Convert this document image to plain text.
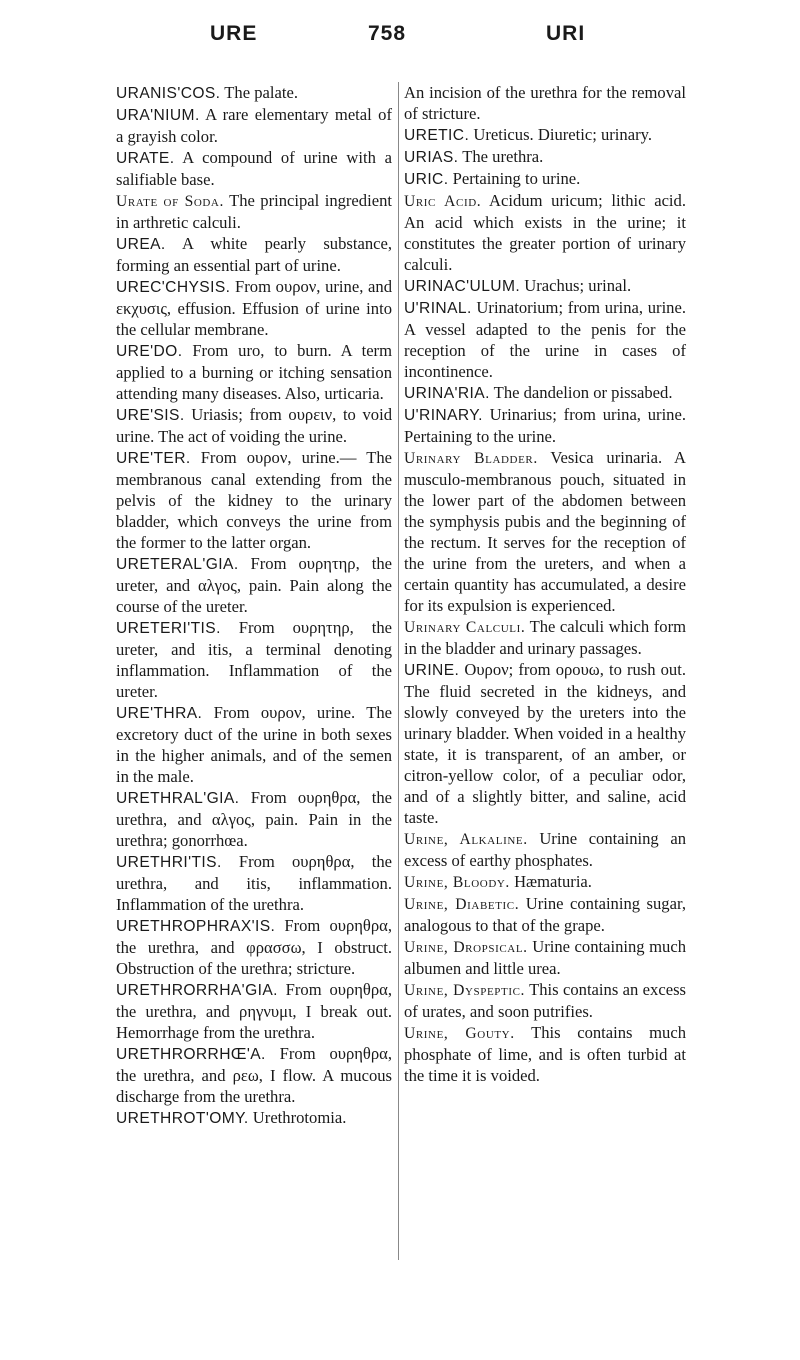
URE	758	URI
URANIS'COS. The palate.
URA'NIUM. A rare elementary metal of a grayish color.
URATE. A compound of urine with a salifiable base.
Urate of Soda. The principal ingredient in arthretic calculi.
UREA. A white pearly substance, forming an essential part of urine.
UREC'CHYSIS. From ουρον, urine, and εκχυσις, effusion. Effusion of urine into the cellular membrane.
URE'DO. From uro, to burn. A term applied to a burning or itching sensation attending many diseases. Also, urticaria.
URE'SIS. Uriasis; from ουρειν, to void urine. The act of voiding the urine.
URE'TER. From ουρον, urine.— The membranous canal extending from the pelvis of the kidney to the urinary bladder, which conveys the urine from the former to the latter organ.
URETERAL'GIA. From ουρητηρ, the ureter, and αλγος, pain. Pain along the course of the ureter.
URETERI'TIS. From ουρητηρ, the ureter, and itis, a terminal denoting inflammation. Inflammation of the ureter.
URE'THRA. From ουρον, urine. The excretory duct of the urine in both sexes in the higher animals, and of the semen in the male.
URETHRAL'GIA. From ουρηθρα, the urethra, and αλγος, pain. Pain in the urethra; gonorrhœa.
URETHRI'TIS. From ουρηθρα, the urethra, and itis, inflammation. Inflammation of the urethra.
URETHROPHRAX'IS. From ουρηθρα, the urethra, and φρασσω, I obstruct. Obstruction of the urethra; stricture.
URETHRORRHA'GIA. From ουρηθρα, the urethra, and ρηγνυμι, I break out. Hemorrhage from the urethra.
URETHRORRHŒ'A. From ουρηθρα, the urethra, and ρεω, I flow. A mucous discharge from the urethra.
URETHROT'OMY. Urethrotomia.
An incision of the urethra for the removal of stricture.
URETIC. Ureticus. Diuretic; urinary.
URIAS. The urethra.
URIC. Pertaining to urine.
Uric Acid. Acidum uricum; lithic acid. An acid which exists in the urine; it constitutes the greater portion of urinary calculi.
URINAC'ULUM. Urachus; urinal.
U'RINAL. Urinatorium; from urina, urine. A vessel adapted to the penis for the reception of the urine in cases of incontinence.
URINA'RIA. The dandelion or pissabed.
U'RINARY. Urinarius; from urina, urine. Pertaining to the urine.
Urinary Bladder. Vesica urinaria. A musculo-membranous pouch, situated in the lower part of the abdomen between the symphysis pubis and the beginning of the rectum. It serves for the reception of the urine from the ureters, and when a certain quantity has accumulated, a desire for its expulsion is experienced.
Urinary Calculi. The calculi which form in the bladder and urinary passages.
URINE. Ουρον; from ορουω, to rush out. The fluid secreted in the kidneys, and slowly conveyed by the ureters into the urinary bladder. When voided in a healthy state, it is transparent, of an amber, or citron-yellow color, of a peculiar odor, and of a slightly bitter, and saline, acid taste.
Urine, Alkaline. Urine containing an excess of earthy phosphates.
Urine, Bloody. Hæmaturia.
Urine, Diabetic. Urine containing sugar, analogous to that of the grape.
Urine, Dropsical. Urine containing much albumen and little urea.
Urine, Dyspeptic. This contains an excess of urates, and soon putrifies.
Urine, Gouty. This contains much phosphate of lime, and is often turbid at the time it is voided.
